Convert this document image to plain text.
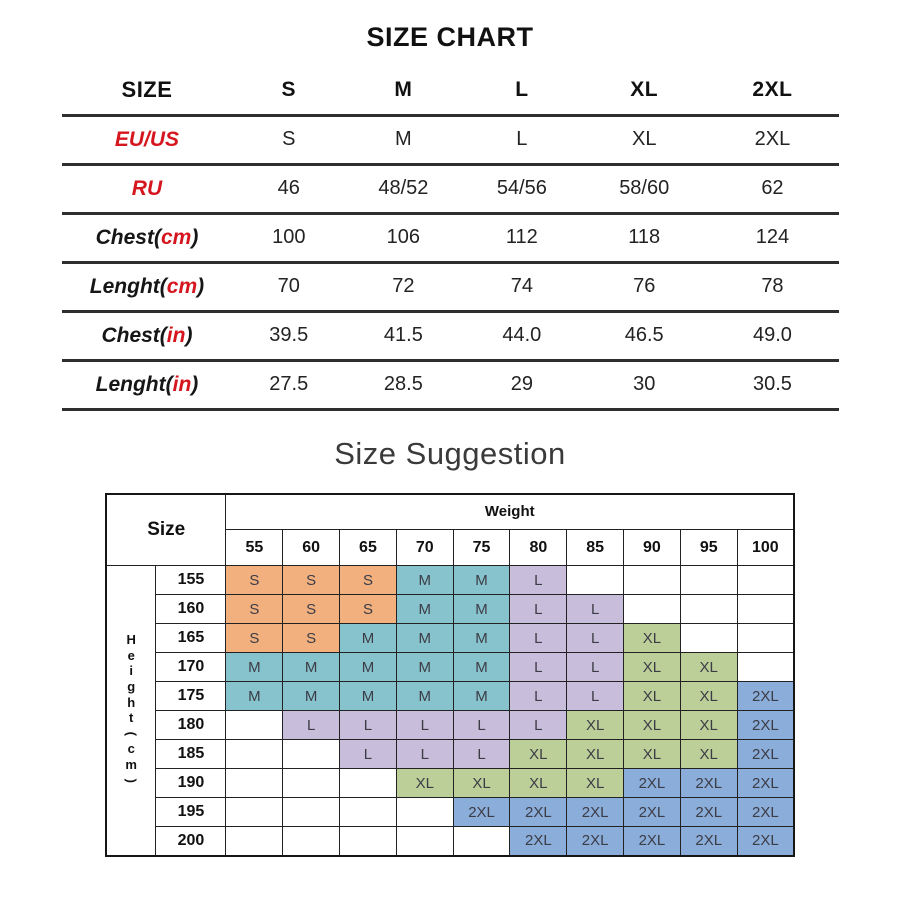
SIZE CHART
SIZE	S	M	L	XL	2XL
EU/US	S	M	L	XL	2XL
RU	46	48/52	54/56	58/60	62
Chest(cm)	100	106	112	118	124
Lenght(cm)	70	72	74	76	78
Chest(in)	39.5	41.5	44.0	46.5	49.0
Lenght(in)	27.5	28.5	29	30	30.5
Size Suggestion
Size		Weight									
		55	60	65	70	75	80	85	90	95	100

H
e
i
g
h
t
(
c
m
)
	155	S	S	S	M	M	L				
	160	S	S	S	M	M	L	L			
	165	S	S	M	M	M	L	L	XL		
	170	M	M	M	M	M	L	L	XL	XL	
	175	M	M	M	M	M	L	L	XL	XL	2XL
	180		L	L	L	L	L	XL	XL	XL	2XL
	185			L	L	L	XL	XL	XL	XL	2XL
	190				XL	XL	XL	XL	2XL	2XL	2XL
	195					2XL	2XL	2XL	2XL	2XL	2XL
	200						2XL	2XL	2XL	2XL	2XL
